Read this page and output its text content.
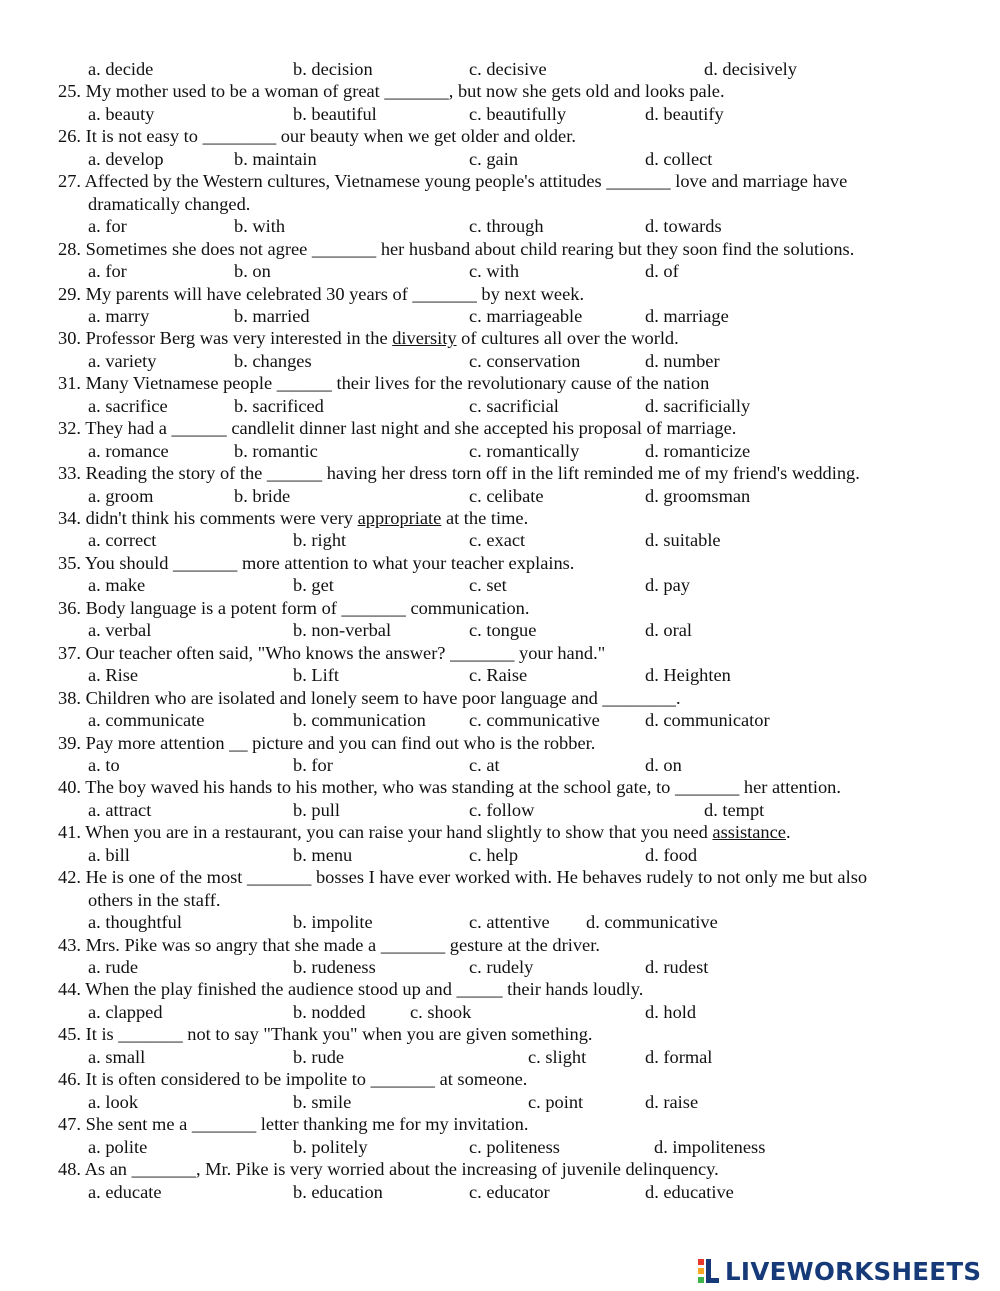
a. decide	b. decision	c. decisive	d. decisively
25. My mother used to be a woman of great _______, but now she gets old and looks pale.
a. beauty	b. beautiful	c. beautifully	d. beautify
26. It is not easy to ________ our beauty when we get older and older.
a. develop	b. maintain	c. gain	d. collect
27. Affected by the Western cultures, Vietnamese young people's attitudes _______ love and marriage have
dramatically changed.
a. for	b. with	c. through	d. towards
28. Sometimes she does not agree _______ her husband about child rearing but they soon find the solutions.
a. for	b. on	c. with	d. of
29. My parents will have celebrated 30 years of _______ by next week.
a. marry	b. married	c. marriageable	d. marriage
30. Professor Berg was very interested in the diversity of cultures all over the world.
a. variety	b. changes	c. conservation	d. number
31. Many Vietnamese people ______ their lives for the revolutionary cause of the nation
a. sacrifice	b. sacrificed	c. sacrificial	d. sacrificially
32. They had a ______ candlelit dinner last night and she accepted his proposal of marriage.
a. romance	b. romantic	c. romantically	d. romanticize
33. Reading the story of the ______ having her dress torn off in the lift reminded me of my friend's wedding.
a. groom	b. bride	c. celibate	d. groomsman
34. didn't think his comments were very appropriate at the time.
a. correct	b. right	c. exact	d. suitable
35. You should _______ more attention to what your teacher explains.
a. make	b. get	c. set	d. pay
36. Body language is a potent form of _______ communication.
a. verbal	b. non-verbal	c. tongue	d. oral
37. Our teacher often said, "Who knows the answer? _______ your hand."
a. Rise	b. Lift	c. Raise	d. Heighten
38. Children who are isolated and lonely seem to have poor language and ________.
a. communicate	b. communication c. communicative d. communicator
39. Pay more attention __ picture and you can find out who is the robber.
a. to	b. for	c. at	d. on
40. The boy waved his hands to his mother, who was standing at the school gate, to _______ her attention.
a. attract	b. pull	c. follow	d. tempt
41. When you are in a restaurant, you can raise your hand slightly to show that you need assistance.
a. bill	b. menu	c. help	d. food
42. He is one of the most _______ bosses I have ever worked with. He behaves rudely to not only me but also
others in the staff.
a. thoughtful	b. impolite	c. attentive d. communicative
43. Mrs. Pike was so angry that she made a _______ gesture at the driver.
a. rude	b. rudeness	c. rudely	d. rudest
44. When the play finished the audience stood up and _____ their hands loudly.
a. clapped	b. nodded c. shook	d. hold
45. It is _______ not to say "Thank you" when you are given something.
a. small	b. rude	c. slight	d. formal
46. It is often considered to be impolite to _______ at someone.
a. look	b. smile	c. point	d. raise
47. She sent me a _______ letter thanking me for my invitation.
a. polite	b. politely	c. politeness	d. impoliteness
48. As an _______, Mr. Pike is very worried about the increasing of juvenile delinquency.
a. educate	b. education	c. educator	d. educative
LIVEWORKSHEETS
